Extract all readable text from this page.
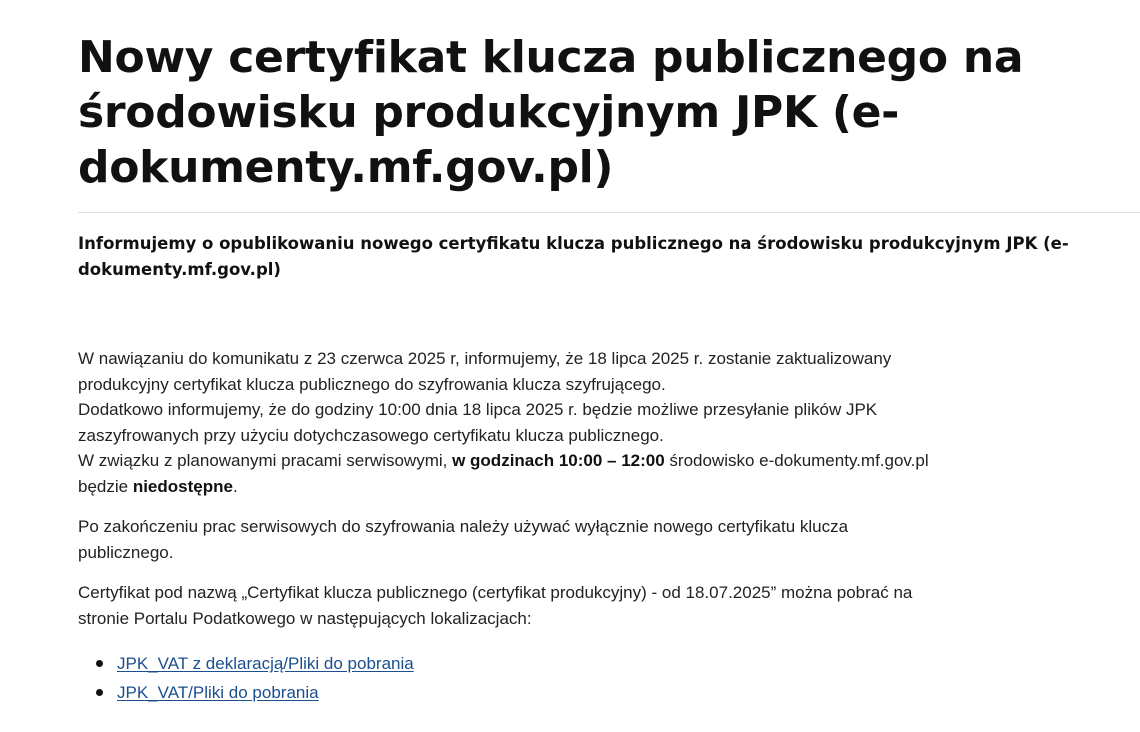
Nowy certyfikat klucza publicznego na środowisku produkcyjnym JPK (e-dokumenty.mf.gov.pl)

Informujemy o opublikowaniu nowego certyfikatu klucza publicznego na środowisku produkcyjnym JPK (e-dokumenty.mf.gov.pl)

W nawiązaniu do komunikatu z 23 czerwca 2025 r, informujemy, że 18 lipca 2025 r. zostanie zaktualizowany produkcyjny certyfikat klucza publicznego do szyfrowania klucza szyfrującego.
Dodatkowo informujemy, że do godziny 10:00 dnia 18 lipca 2025 r. będzie możliwe przesyłanie plików JPK zaszyfrowanych przy użyciu dotychczasowego certyfikatu klucza publicznego.
W związku z planowanymi pracami serwisowymi, w godzinach 10:00 – 12:00 środowisko e-dokumenty.mf.gov.pl będzie niedostępne.

Po zakończeniu prac serwisowych do szyfrowania należy używać wyłącznie nowego certyfikatu klucza publicznego.

Certyfikat pod nazwą „Certyfikat klucza publicznego (certyfikat produkcyjny) - od 18.07.2025” można pobrać na stronie Portalu Podatkowego w następujących lokalizacjach:

JPK_VAT z deklaracją/Pliki do pobrania
JPK_VAT/Pliki do pobrania
